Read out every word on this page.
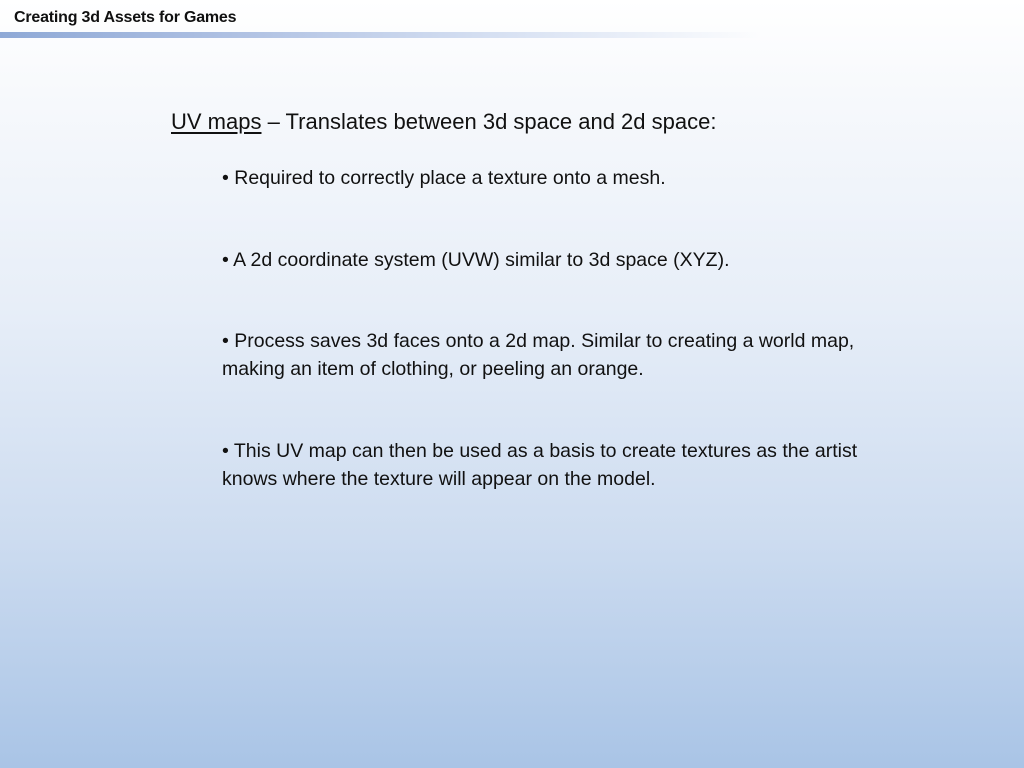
Creating 3d Assets for Games
UV maps – Translates between 3d space and 2d space:
• Required to correctly place a texture onto a mesh.
• A 2d coordinate system (UVW) similar to 3d space (XYZ).
• Process saves 3d faces onto a 2d map. Similar to creating a world map, making an item of clothing, or peeling an orange.
• This UV map can then be used as a basis to create textures as the artist knows where the texture will appear on the model.
